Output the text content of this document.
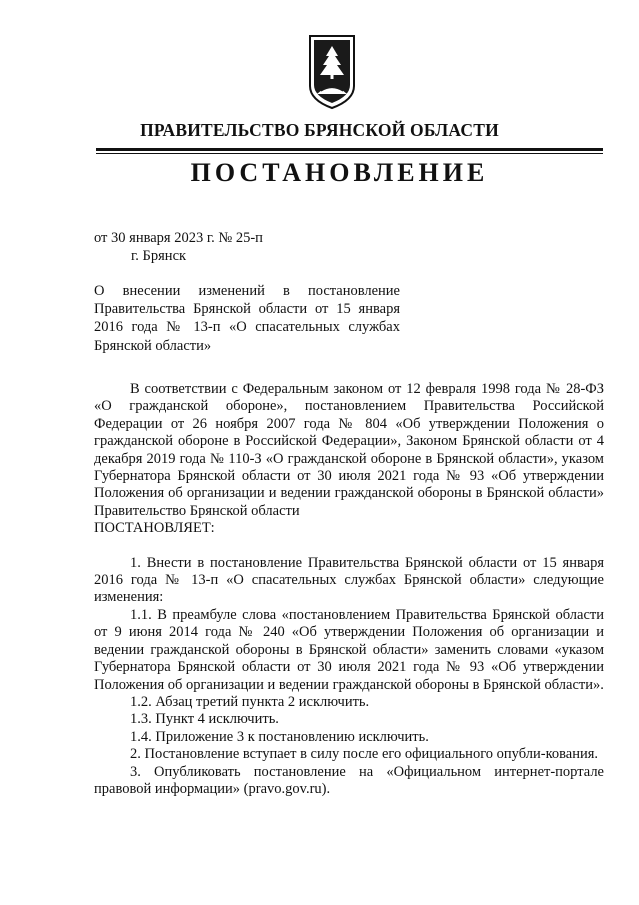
ПРАВИТЕЛЬСТВО БРЯНСКОЙ ОБЛАСТИ
ПОСТАНОВЛЕНИЕ
от 30 января 2023 г. № 25-п
г. Брянск
О внесении изменений в постановление Правительства Брянской области от 15 января 2016 года № 13-п «О спасательных службах Брянской области»

В соответствии с Федеральным законом от 12 февраля 1998 года № 28-ФЗ «О гражданской обороне», постановлением Правительства Российской Федерации от 26 ноября 2007 года № 804 «Об утверждении Положения о гражданской обороне в Российской Федерации», Законом Брянской области от 4 декабря 2019 года № 110-З «О гражданской обороне в Брянской области», указом Губернатора Брянской области от 30 июля 2021 года № 93 «Об утверждении Положения об организации и ведении гражданской обороны в Брянской области» Правительство Брянской области

ПОСТАНОВЛЯЕТ:

1. Внести в постановление Правительства Брянской области от 15 января 2016 года № 13-п «О спасательных службах Брянской области» следующие изменения:

1.1. В преамбуле слова «постановлением Правительства Брянской области от 9 июня 2014 года № 240 «Об утверждении Положения об организации и ведении гражданской обороны в Брянской области» заменить словами «указом Губернатора Брянской области от 30 июля 2021 года № 93 «Об утверждении Положения об организации и ведении гражданской обороны в Брянской области».

1.2. Абзац третий пункта 2 исключить.

1.3. Пункт 4 исключить.

1.4. Приложение 3 к постановлению исключить.

2. Постановление вступает в силу после его официального опубли-кования.

3. Опубликовать постановление на «Официальном интернет-портале правовой информации» (pravo.gov.ru).
